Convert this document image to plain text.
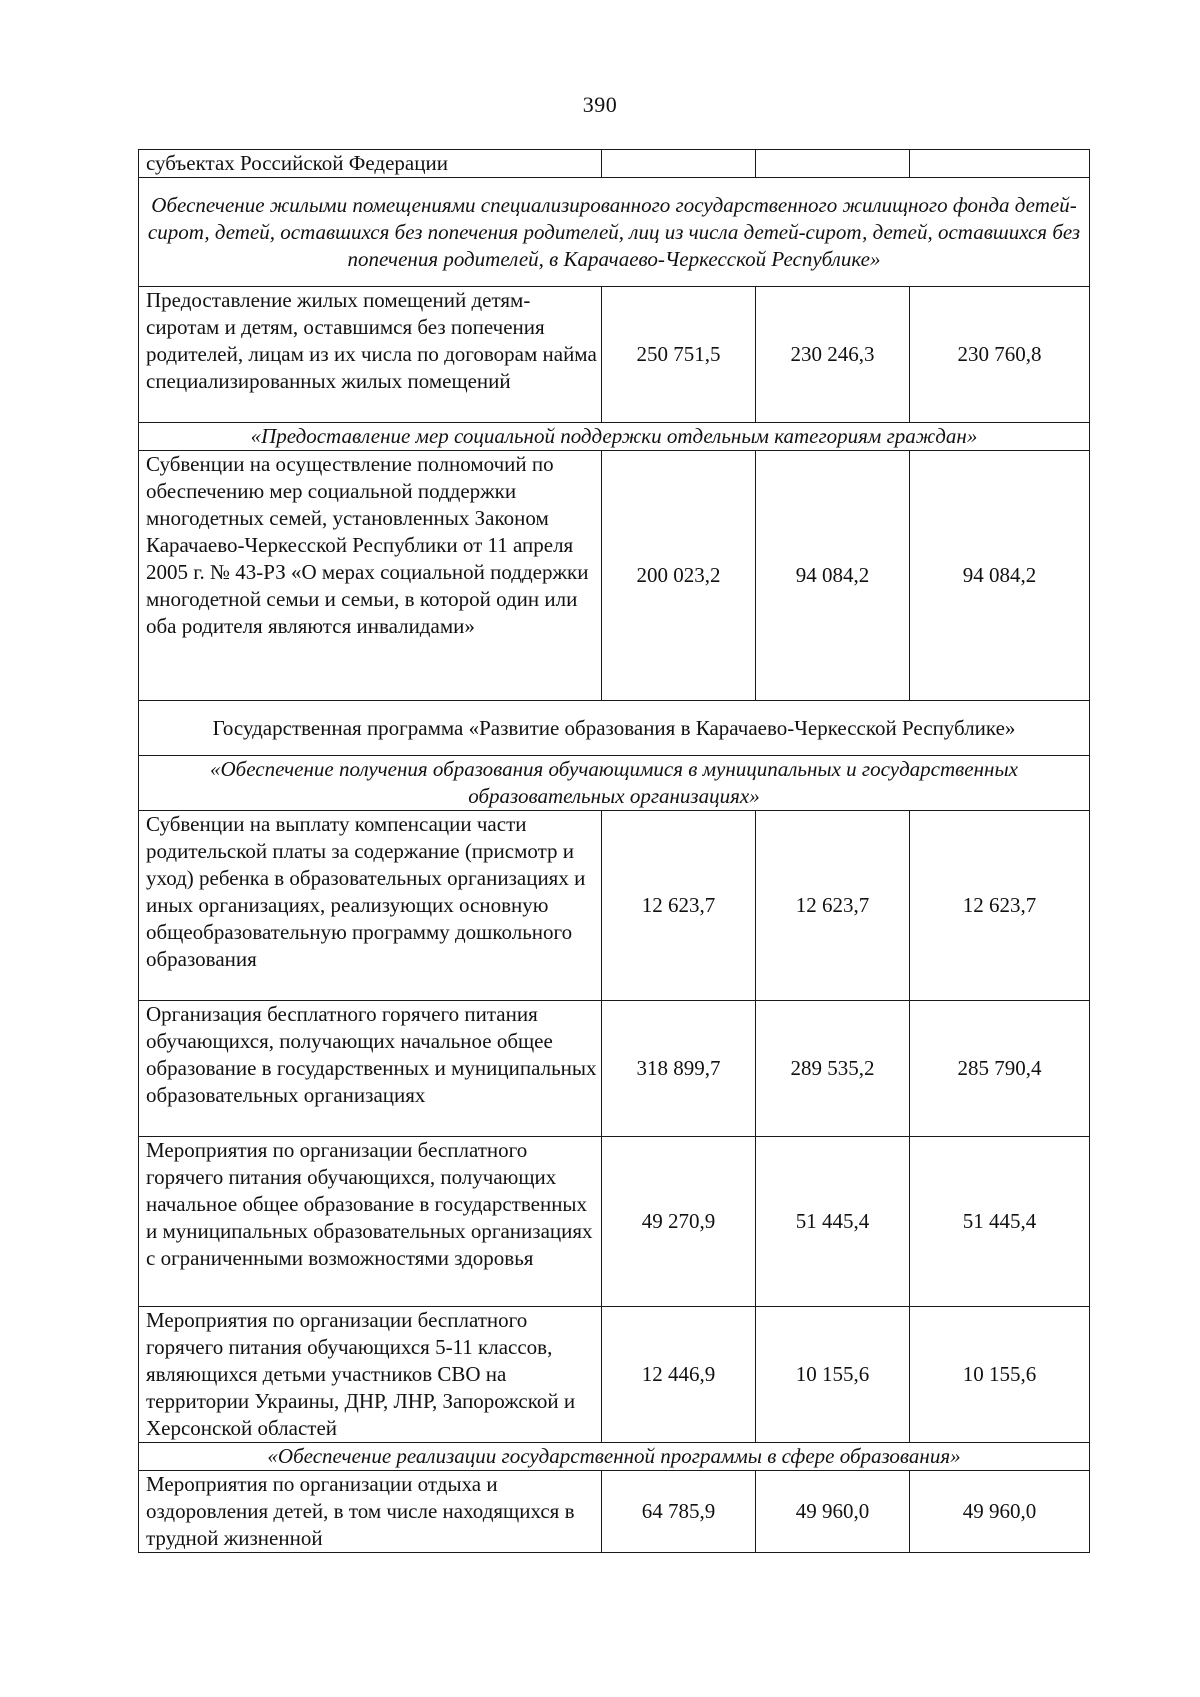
390
субъектах Российской Федерации			
Обеспечение жилыми помещениями специализированного государственного жилищного фонда детей-сирот, детей, оставшихся без попечения родителей, лиц из числа детей-сирот, детей, оставшихся без попечения родителей, в Карачаево-Черкесской Республике»			
Предоставление жилых помещений детям-сиротам и детям, оставшимся без попечения родителей, лицам из их числа по договорам найма специализированных жилых помещений	250 751,5	230 246,3	230 760,8
«Предоставление мер социальной поддержки отдельным категориям граждан»			
Субвенции на осуществление полномочий по обеспечению мер социальной поддержки многодетных семей, установленных Законом Карачаево-Черкесской Республики от 11 апреля 2005 г. № 43-РЗ «О мерах социальной поддержки многодетной семьи и семьи, в которой один или оба родителя являются инвалидами»	200 023,2	94 084,2	94 084,2
Государственная программа «Развитие образования в Карачаево-Черкесской Республике»			
«Обеспечение получения образования обучающимися в муниципальных и государственных образовательных организациях»			
Субвенции на выплату компенсации части родительской платы за содержание (присмотр и уход) ребенка в образовательных организациях и иных организациях, реализующих основную общеобразовательную программу дошкольного образования	12 623,7	12 623,7	12 623,7
Организация бесплатного горячего питания обучающихся, получающих начальное общее образование в государственных и муниципальных образовательных организациях	318 899,7	289 535,2	285 790,4
Мероприятия по организации бесплатного горячего питания обучающихся, получающих начальное общее образование в государственных и муниципальных образовательных организациях с ограниченными возможностями здоровья	49 270,9	51 445,4	51 445,4
Мероприятия по организации бесплатного горячего питания обучающихся 5-11 классов, являющихся детьми участников СВО на территории Украины, ДНР, ЛНР, Запорожской и Херсонской областей	12 446,9	10 155,6	10 155,6
«Обеспечение реализации государственной программы в сфере образования»			
Мероприятия по организации отдыха и оздоровления детей, в том числе находящихся в трудной жизненной	64 785,9	49 960,0	49 960,0
